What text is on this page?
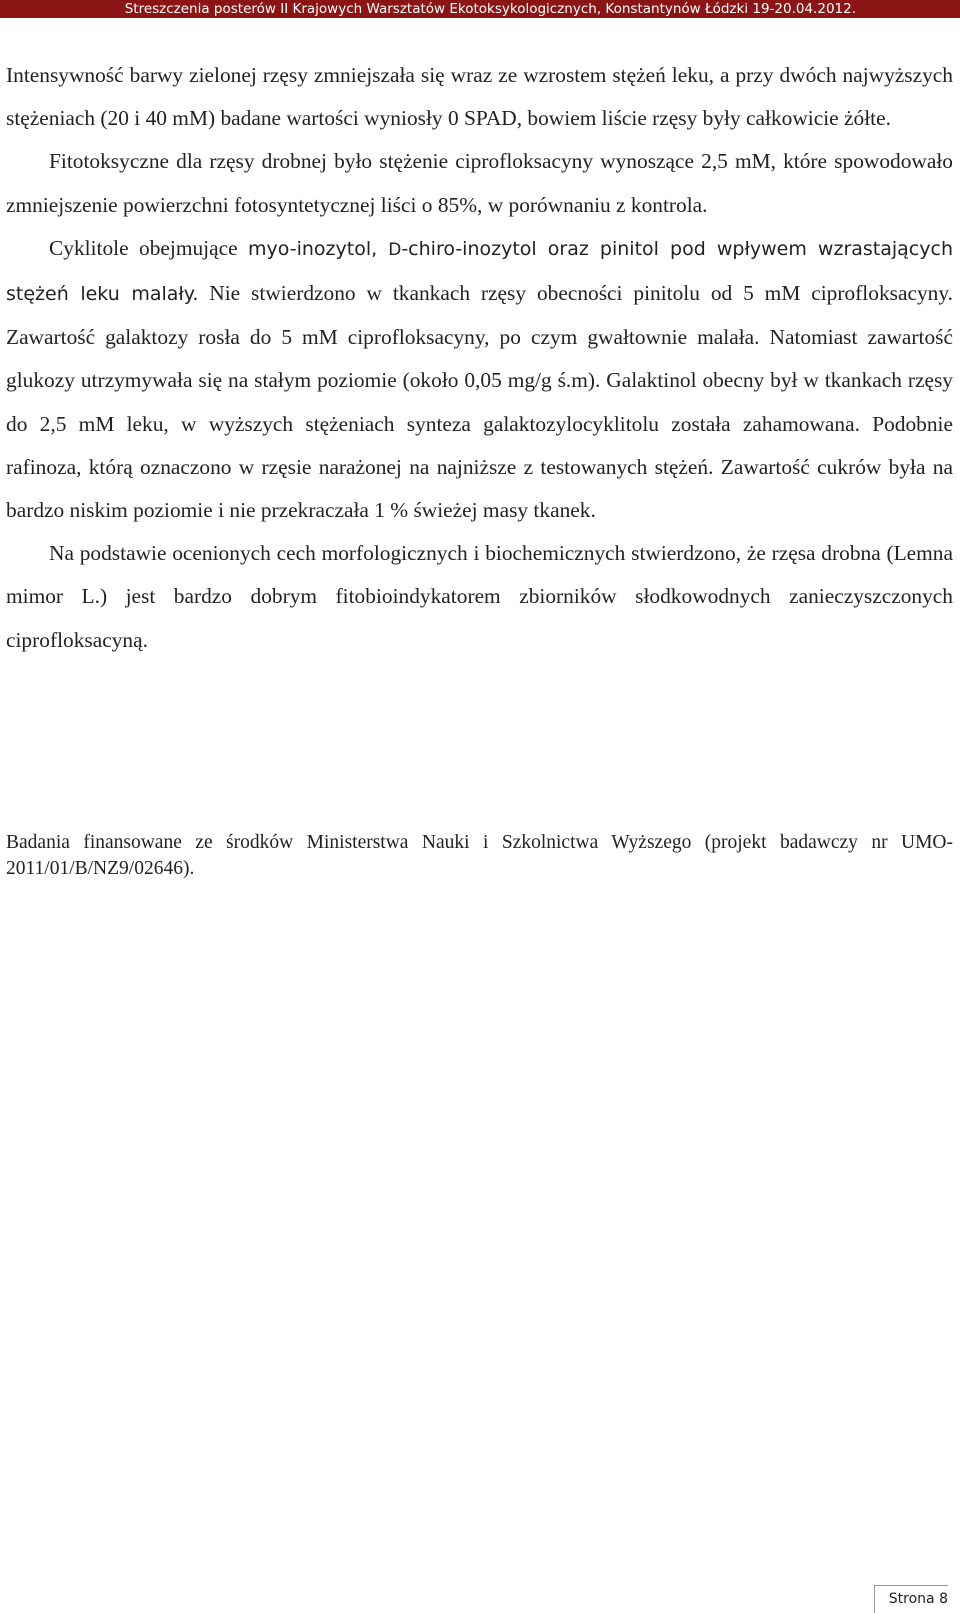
Streszczenia posterów II Krajowych Warsztatów Ekotoksykologicznych, Konstantynów Łódzki 19-20.04.2012.

Intensywność barwy zielonej rzęsy zmniejszała się wraz ze wzrostem stężeń leku, a przy dwóch najwyższych stężeniach (20 i 40 mM) badane wartości wyniosły 0 SPAD, bowiem liście rzęsy były całkowicie żółte.

Fitotoksyczne dla rzęsy drobnej było stężenie ciprofloksacyny wynoszące 2,5 mM, które spowodowało zmniejszenie powierzchni fotosyntetycznej liści o 85%, w porównaniu z kontrola.

Cyklitole obejmujące myo-inozytol, D-chiro-inozytol oraz pinitol pod wpływem wzrastających stężeń leku malały. Nie stwierdzono w tkankach rzęsy obecności pinitolu od 5 mM ciprofloksacyny. Zawartość galaktozy rosła do 5 mM ciprofloksacyny, po czym gwałtownie malała. Natomiast zawartość glukozy utrzymywała się na stałym poziomie (około 0,05 mg/g ś.m). Galaktinol obecny był w tkankach rzęsy do 2,5 mM leku, w wyższych stężeniach synteza galaktozylocyklitolu została zahamowana. Podobnie rafinoza, którą oznaczono w rzęsie narażonej na najniższe z testowanych stężeń. Zawartość cukrów była na bardzo niskim poziomie i nie przekraczała 1 % świeżej masy tkanek.

Na podstawie ocenionych cech morfologicznych i biochemicznych stwierdzono, że rzęsa drobna (Lemna mimor L.) jest bardzo dobrym fitobioindykatorem zbiorników słodkowodnych zanieczyszczonych ciprofloksacyną.

Badania finansowane ze środków Ministerstwa Nauki i Szkolnictwa Wyższego (projekt badawczy nr UMO-2011/01/B/NZ9/02646).

Strona 8
